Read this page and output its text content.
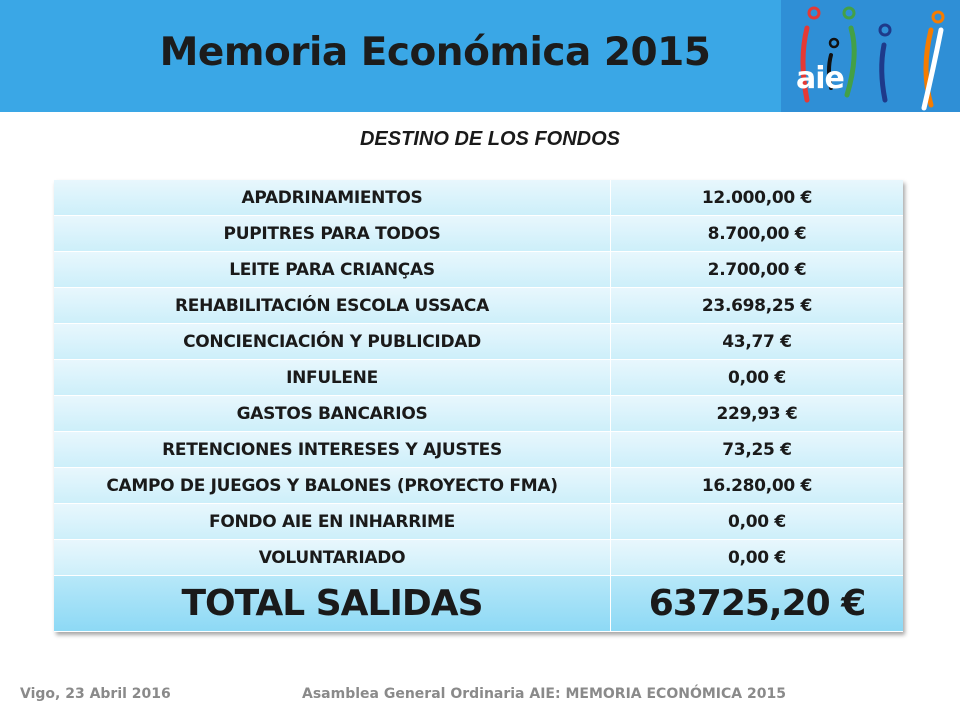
Memoria Económica 2015
aie
DESTINO DE LOS FONDOS
APADRINAMIENTOS	12.000,00 €
PUPITRES PARA TODOS	8.700,00 €
LEITE PARA CRIANÇAS	2.700,00 €
REHABILITACIÓN ESCOLA USSACA	23.698,25 €
CONCIENCIACIÓN Y PUBLICIDAD	43,77 €
INFULENE	0,00 €
GASTOS BANCARIOS	229,93 €
RETENCIONES INTERESES Y AJUSTES	73,25 €
CAMPO DE JUEGOS Y BALONES (PROYECTO FMA)	16.280,00 €
FONDO AIE EN INHARRIME	0,00 €
VOLUNTARIADO	0,00 €
TOTAL SALIDAS	63725,20 €
Vigo, 23 Abril 2016	Asamblea General Ordinaria AIE: MEMORIA ECONÓMICA 2015
